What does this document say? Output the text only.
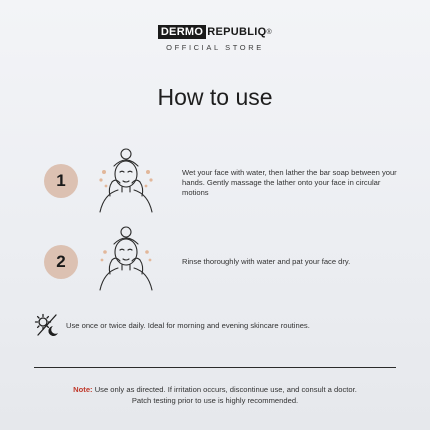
DERMO REPUBLIQ ®
OFFICIAL STORE
How to use
1	Wet your face with water, then lather the bar soap between your hands. Gently massage the lather onto your face in circular motions
2	Rinse thoroughly with water and pat your face dry.
Use once or twice daily. Ideal for morning and evening skincare routines.
Note: Use only as directed. If irritation occurs, discontinue use, and consult a doctor.
Patch testing prior to use is highly recommended.
